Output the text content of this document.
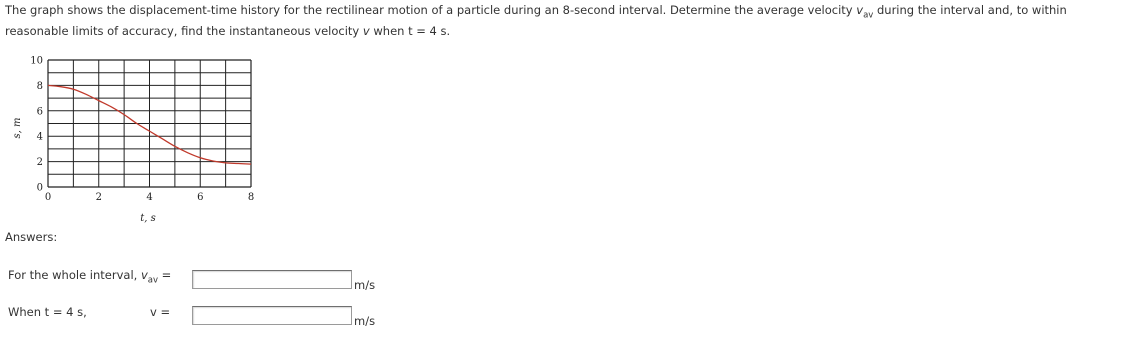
The graph shows the displacement-time history for the rectilinear motion of a particle during an 8-second interval. Determine the average velocity $v_{av}$ during the interval and, to within reasonable limits of accuracy, find the instantaneous velocity v when t = 4 s.

0
2
4
6
8
10
0	2	4	6	8
t, s
s, m
Answers:
For the whole interval, $v_{av}$ =
m/s
When t = 4 s,	v =
m/s
